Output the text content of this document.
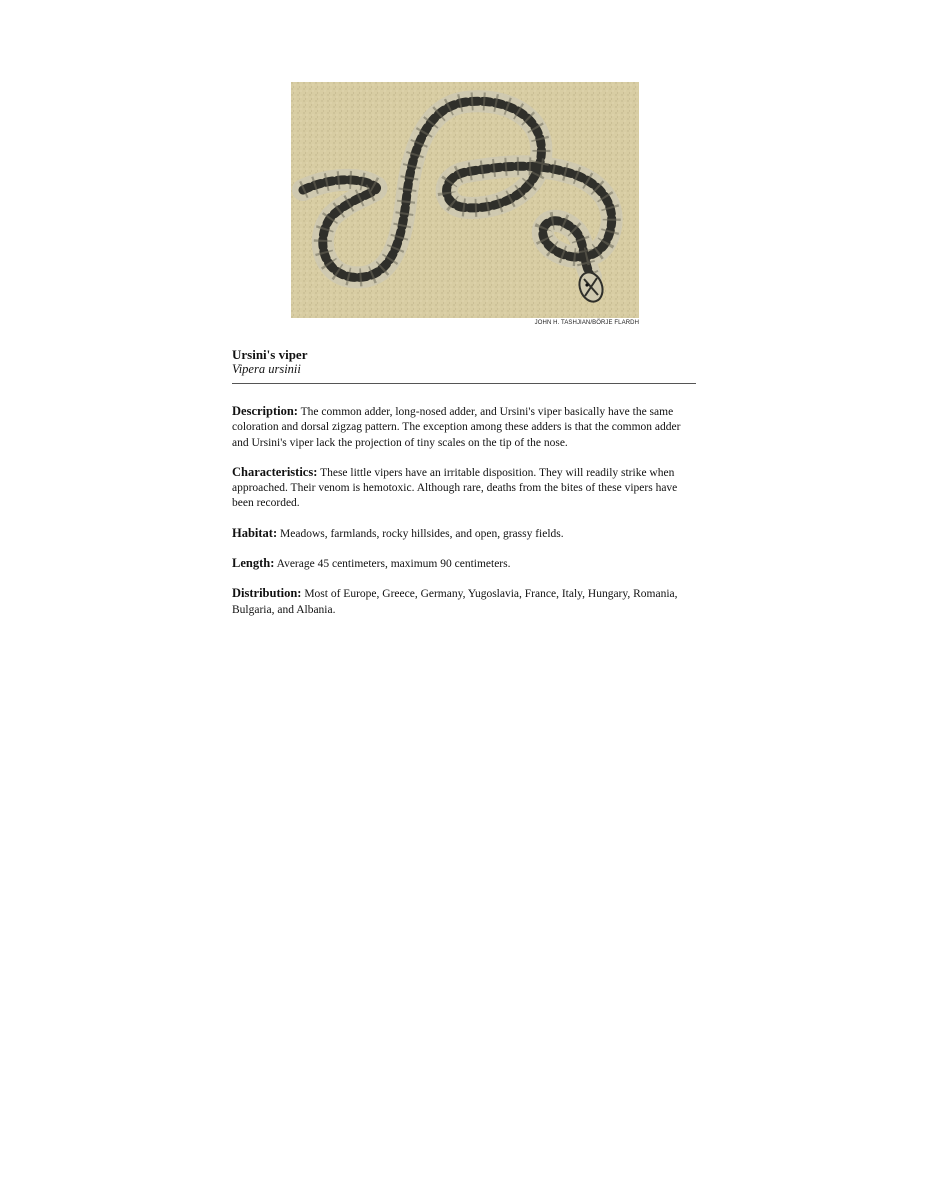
JOHN H. TASHJIAN/BÖRJE FLARDH
Ursini's viper
Vipera ursinii

Description: The common adder, long-nosed adder, and Ursini's viper basically have the same coloration and dorsal zigzag pattern. The exception among these adders is that the common adder and Ursini's viper lack the projection of tiny scales on the tip of the nose.

Characteristics: These little vipers have an irritable disposition. They will readily strike when approached. Their venom is hemotoxic. Although rare, deaths from the bites of these vipers have been recorded.

Habitat: Meadows, farmlands, rocky hillsides, and open, grassy fields.

Length: Average 45 centimeters, maximum 90 centimeters.

Distribution: Most of Europe, Greece, Germany, Yugoslavia, France, Italy, Hungary, Romania, Bulgaria, and Albania.
